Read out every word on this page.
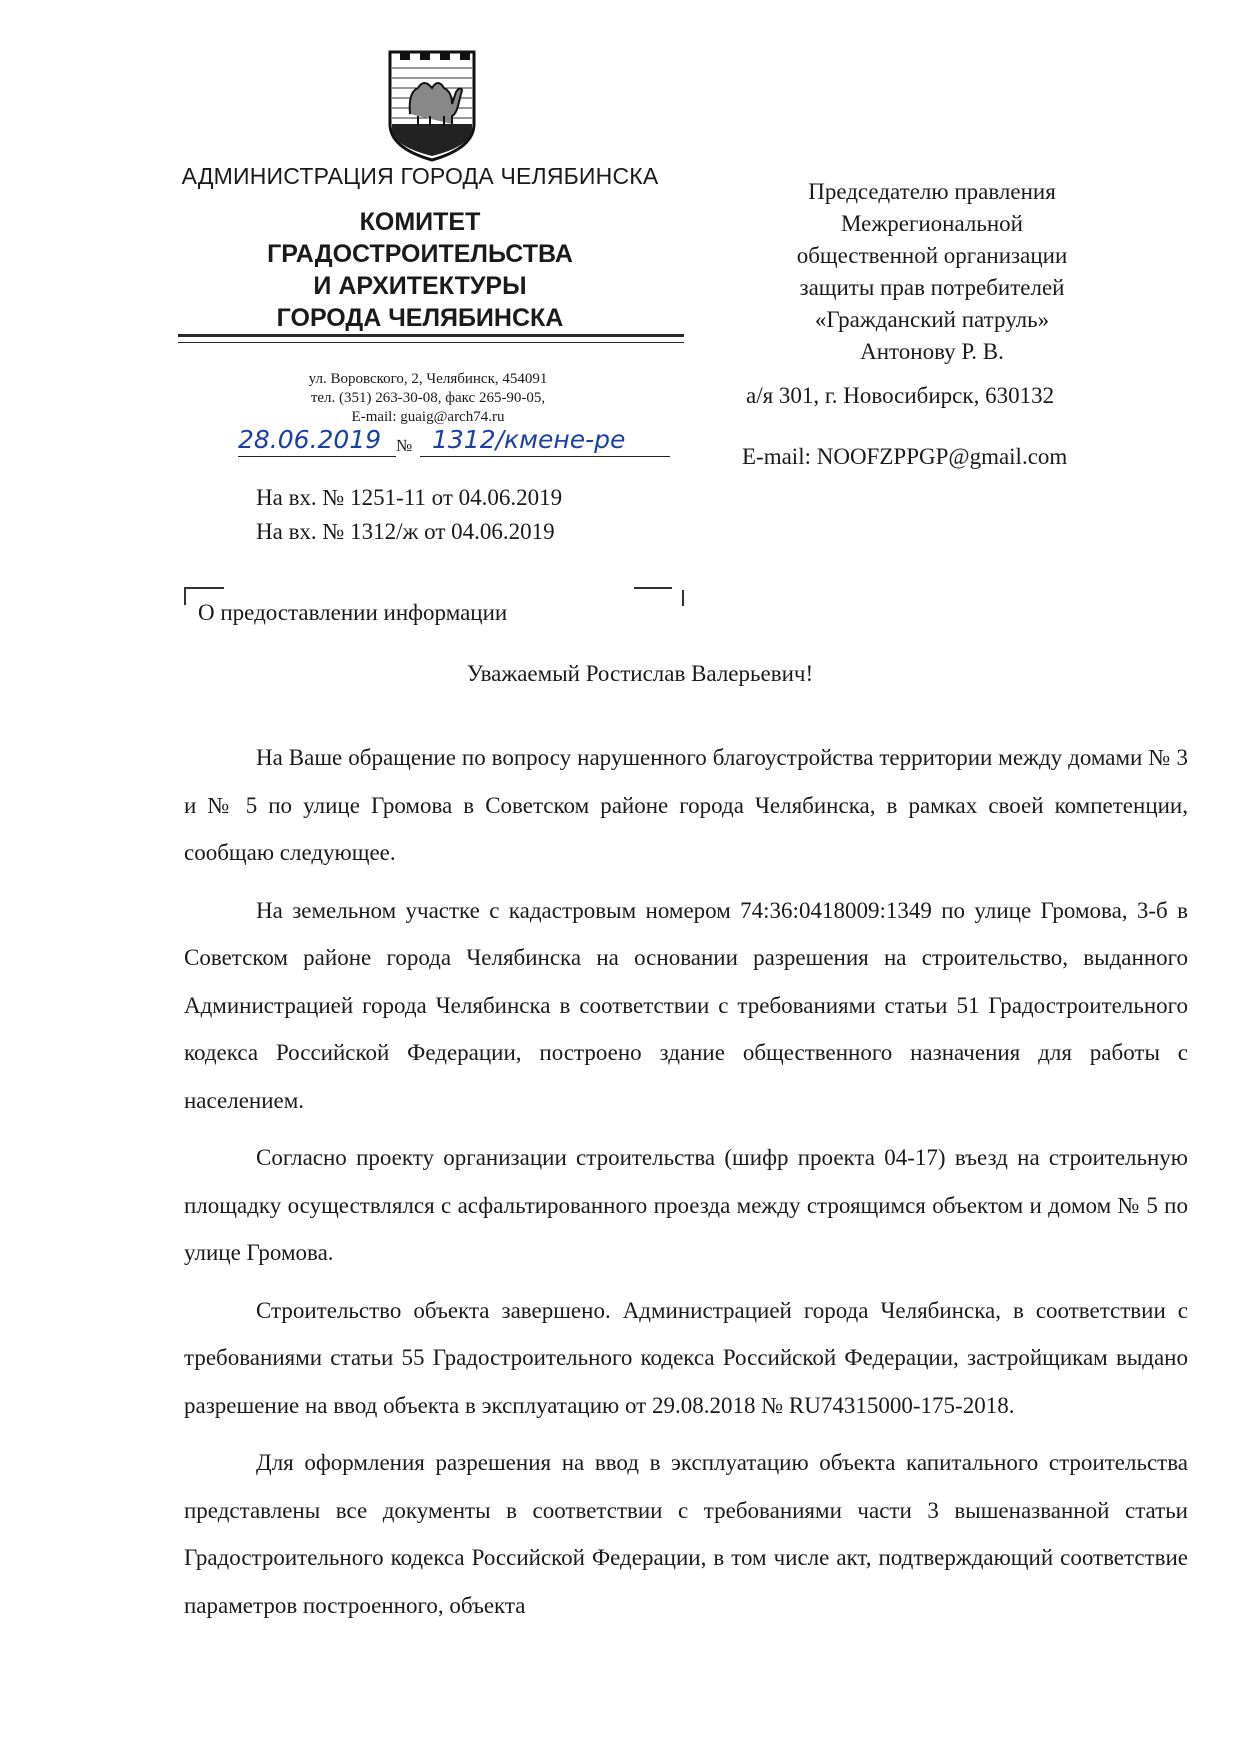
АДМИНИСТРАЦИЯ ГОРОДА ЧЕЛЯБИНСКА
КОМИТЕТ
ГРАДОСТРОИТЕЛЬСТВА
И АРХИТЕКТУРЫ
ГОРОДА ЧЕЛЯБИНСКА
ул. Воровского, 2, Челябинск, 454091
тел. (351) 263-30-08, факс 265-90-05,
E-mail: guaig@arch74.ru
28.06.2019 № 1312/кмене-ре
На вх. № 1251-11 от 04.06.2019
На вх. № 1312/ж от 04.06.2019
Председателю правления
Межрегиональной
общественной организации
защиты прав потребителей
«Гражданский патруль»
Антонову Р. В.
а/я 301, г. Новосибирск, 630132
E-mail: NOOFZPPGP@gmail.com
О предоставлении информации
Уважаемый Ростислав Валерьевич!

На Ваше обращение по вопросу нарушенного благоустройства территории между домами № 3 и № 5 по улице Громова в Советском районе города Челябинска, в рамках своей компетенции, сообщаю следующее.

На земельном участке с кадастровым номером 74:36:0418009:1349 по улице Громова, 3-б в Советском районе города Челябинска на основании разрешения на строительство, выданного Администрацией города Челябинска в соответствии с требованиями статьи 51 Градостроительного кодекса Российской Федерации, построено здание общественного назначения для работы с населением.

Согласно проекту организации строительства (шифр проекта 04-17) въезд на строительную площадку осуществлялся с асфальтированного проезда между строящимся объектом и домом № 5 по улице Громова.

Строительство объекта завершено. Администрацией города Челябинска, в соответствии с требованиями статьи 55 Градостроительного кодекса Российской Федерации, застройщикам выдано разрешение на ввод объекта в эксплуатацию от 29.08.2018 № RU74315000-175-2018.

Для оформления разрешения на ввод в эксплуатацию объекта капитального строительства представлены все документы в соответствии с требованиями части 3 вышеназванной статьи Градостроительного кодекса Российской Федерации, в том числе акт, подтверждающий соответствие параметров построенного, объекта
